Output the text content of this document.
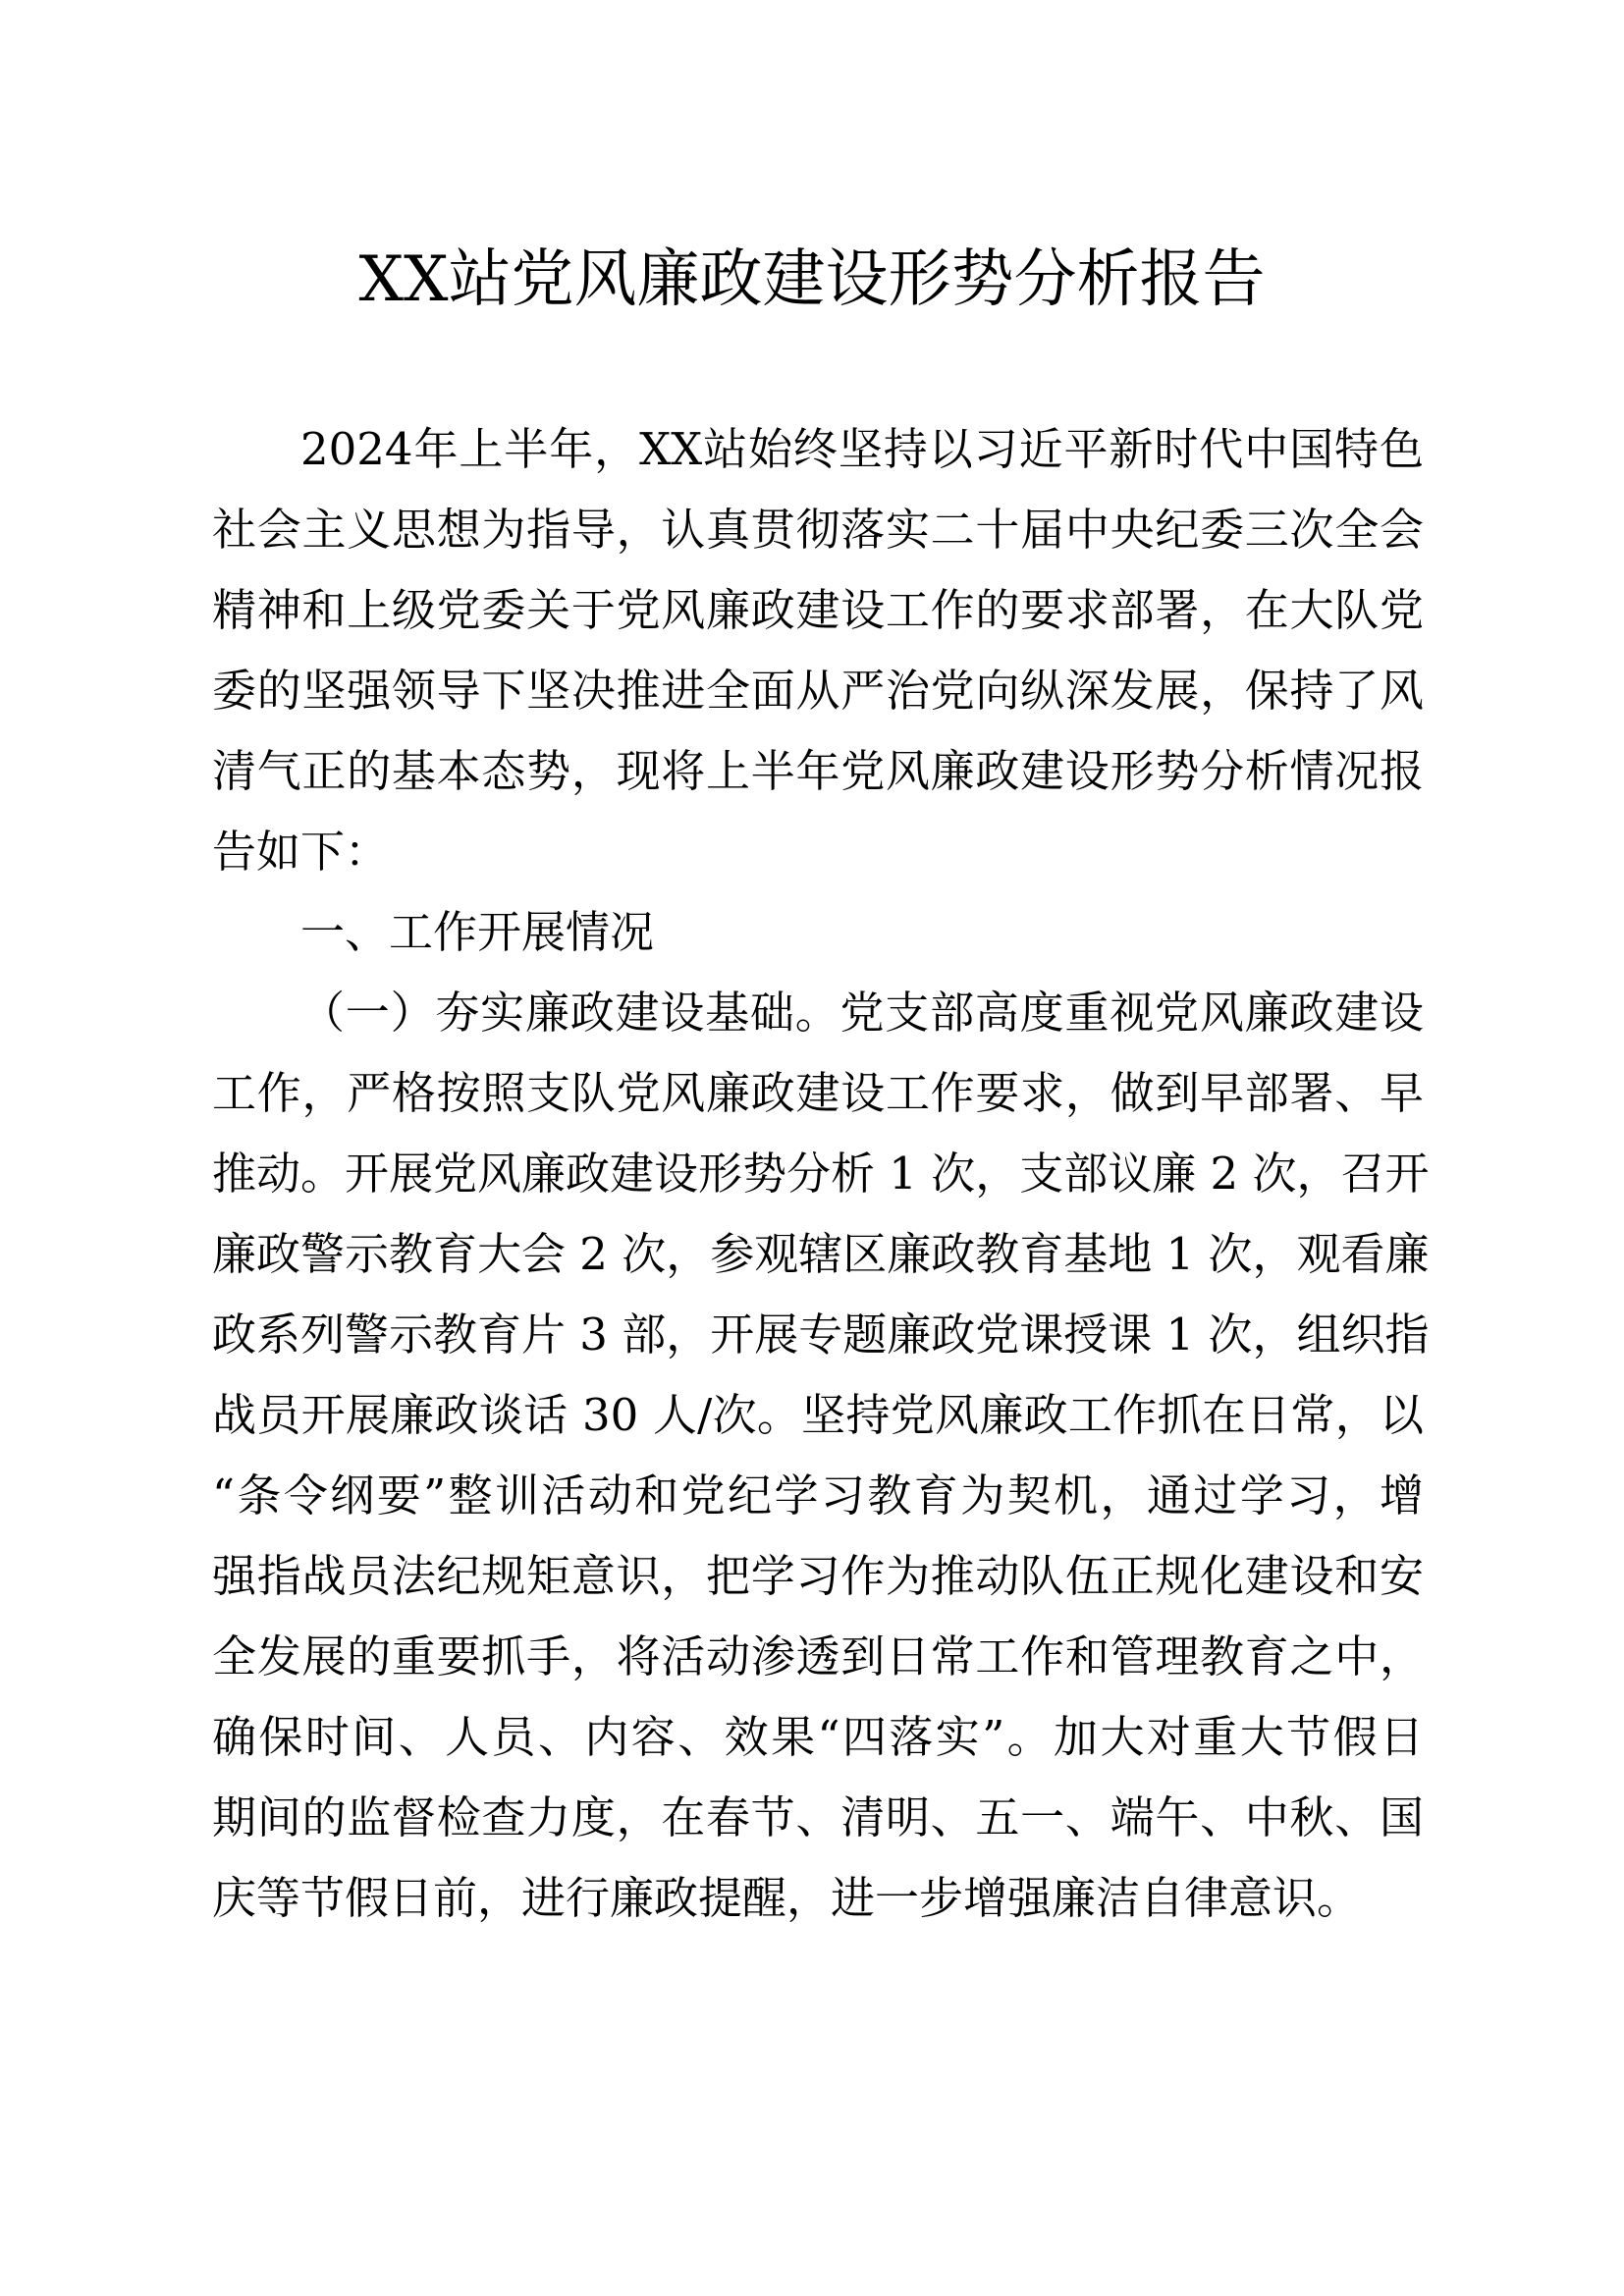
XX站党风廉政建设形势分析报告
2024年上半年，XX站始终坚持以习近平新时代中国特色
社会主义思想为指导，认真贯彻落实二十届中央纪委三次全会
精神和上级党委关于党风廉政建设工作的要求部署，在大队党
委的坚强领导下坚决推进全面从严治党向纵深发展，保持了风
清气正的基本态势，现将上半年党风廉政建设形势分析情况报
告如下：
一、工作开展情况
（一）夯实廉政建设基础。党支部高度重视党风廉政建设
工作，严格按照支队党风廉政建设工作要求，做到早部署、早
推动。开展党风廉政建设形势分析 1 次，支部议廉 2 次，召开
廉政警示教育大会 2 次，参观辖区廉政教育基地 1 次，观看廉
政系列警示教育片 3 部，开展专题廉政党课授课 1 次，组织指
战员开展廉政谈话 30 人/次。坚持党风廉政工作抓在日常，以
“条令纲要”整训活动和党纪学习教育为契机，通过学习，增
强指战员法纪规矩意识，把学习作为推动队伍正规化建设和安
全发展的重要抓手，将活动渗透到日常工作和管理教育之中，
确保时间、人员、内容、效果“四落实”。加大对重大节假日
期间的监督检查力度，在春节、清明、五一、端午、中秋、国
庆等节假日前，进行廉政提醒，进一步增强廉洁自律意识。
